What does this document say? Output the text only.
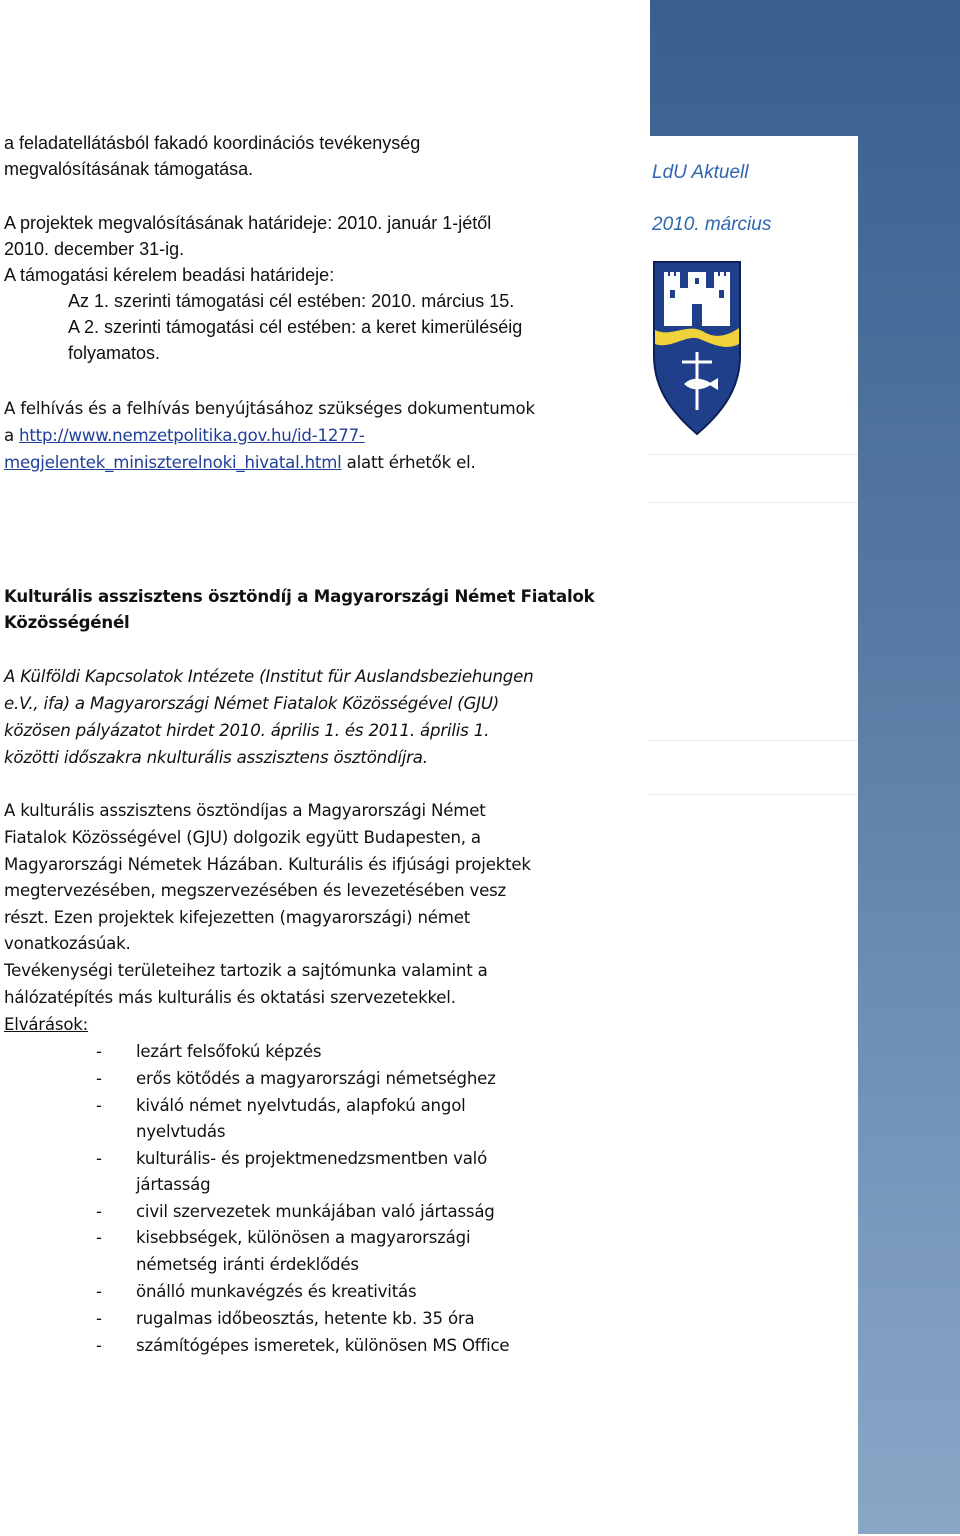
LdU Aktuell
2010. március
a feladatellátásból fakadó koordinációs tevékenység
megvalósításának támogatása.
A projektek megvalósításának határideje: 2010. január 1-jétől
2010. december 31-ig.
A támogatási kérelem beadási határideje:
Az 1. szerinti támogatási cél estében: 2010. március 15.
A 2. szerinti támogatási cél estében: a keret kimerüléséig
folyamatos.
A felhívás és a felhívás benyújtásához szükséges dokumentumok
a http://www.nemzetpolitika.gov.hu/id-1277-
megjelentek_miniszterelnoki_hivatal.html alatt érhetők el.
Kulturális asszisztens ösztöndíj a Magyarországi Német Fiatalok
Közösségénél
A Külföldi Kapcsolatok Intézete (Institut für Auslandsbeziehungen
e.V., ifa) a Magyarországi Német Fiatalok Közösségével (GJU)
közösen pályázatot hirdet 2010. április 1. és 2011. április 1.
közötti időszakra nkulturális asszisztens ösztöndíjra.
A kulturális asszisztens ösztöndíjas a Magyarországi Német
Fiatalok Közösségével (GJU) dolgozik együtt Budapesten, a
Magyarországi Németek Házában. Kulturális és ifjúsági projektek
megtervezésében, megszervezésében és levezetésében vesz
részt. Ezen projektek kifejezetten (magyarországi) német
vonatkozásúak.
Tevékenységi területeihez tartozik a sajtómunka valamint a
hálózatépítés más kulturális és oktatási szervezetekkel.
Elvárások:
- lezárt felsőfokú képzés
- erős kötődés a magyarországi németséghez
- kiváló német nyelvtudás, alapfokú angol
nyelvtudás
- kulturális- és projektmenedzsmentben való
jártasság
- civil szervezetek munkájában való jártasság
- kisebbségek, különösen a magyarországi
németség iránti érdeklődés
- önálló munkavégzés és kreativitás
- rugalmas időbeosztás, hetente kb. 35 óra
- számítógépes ismeretek, különösen MS Office
